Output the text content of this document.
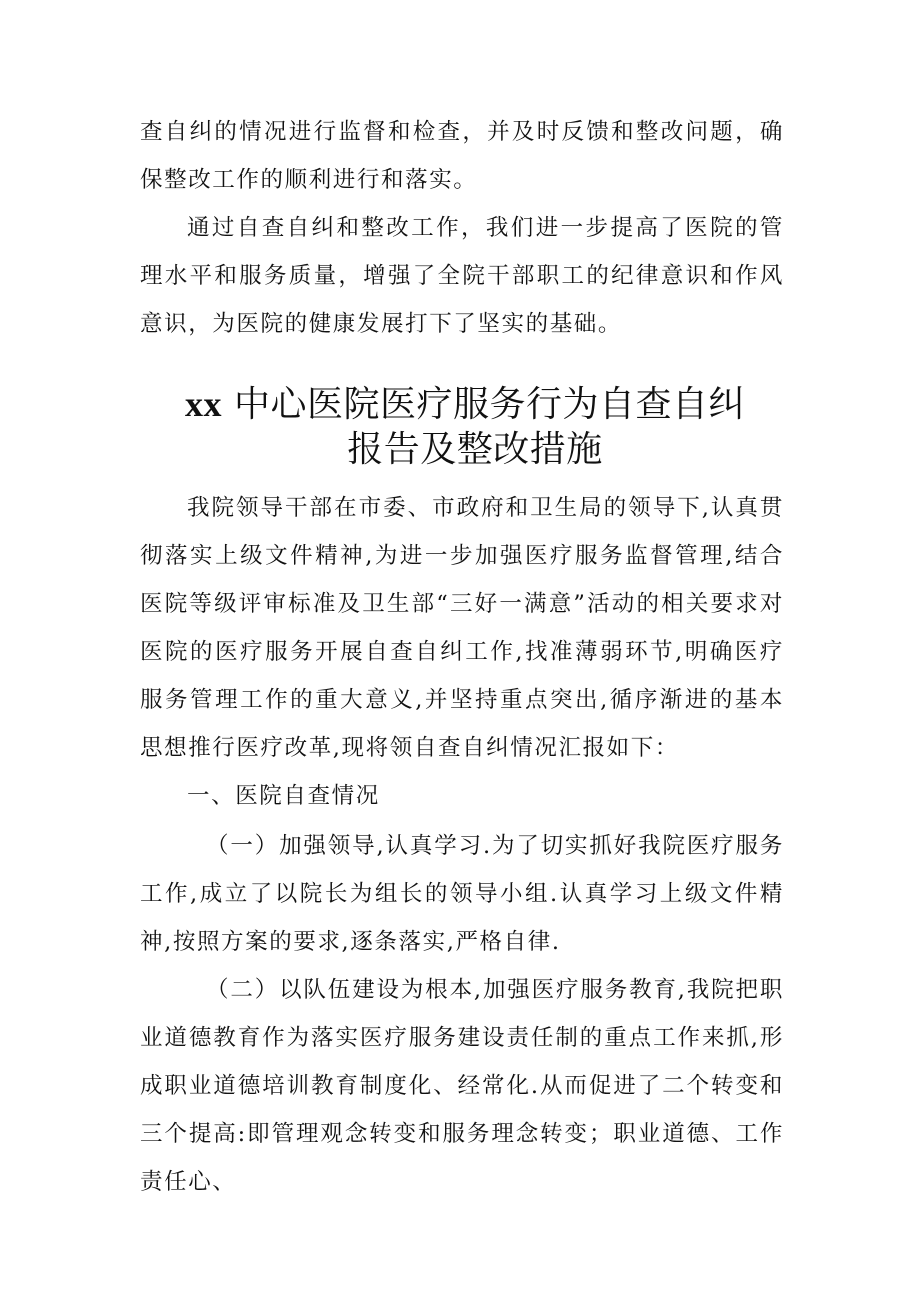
查自纠的情况进行监督和检查，并及时反馈和整改问题，确保整改工作的顺利进行和落实。

通过自查自纠和整改工作，我们进一步提高了医院的管理水平和服务质量，增强了全院干部职工的纪律意识和作风意识，为医院的健康发展打下了坚实的基础。

xx 中心医院医疗服务行为自查自纠
报告及整改措施

我院领导干部在市委、市政府和卫生局的领导下,认真贯彻落实上级文件精神,为进一步加强医疗服务监督管理,结合医院等级评审标准及卫生部“三好一满意”活动的相关要求对医院的医疗服务开展自查自纠工作,找准薄弱环节,明确医疗服务管理工作的重大意义,并坚持重点突出,循序渐进的基本思想推行医疗改革,现将领自查自纠情况汇报如下：

一、医院自查情况

（一）加强领导,认真学习.为了切实抓好我院医疗服务工作,成立了以院长为组长的领导小组.认真学习上级文件精神,按照方案的要求,逐条落实,严格自律.

（二）以队伍建设为根本,加强医疗服务教育,我院把职业道德教育作为落实医疗服务建设责任制的重点工作来抓,形成职业道德培训教育制度化、经常化.从而促进了二个转变和三个提高:即管理观念转变和服务理念转变；职业道德、工作责任心、
